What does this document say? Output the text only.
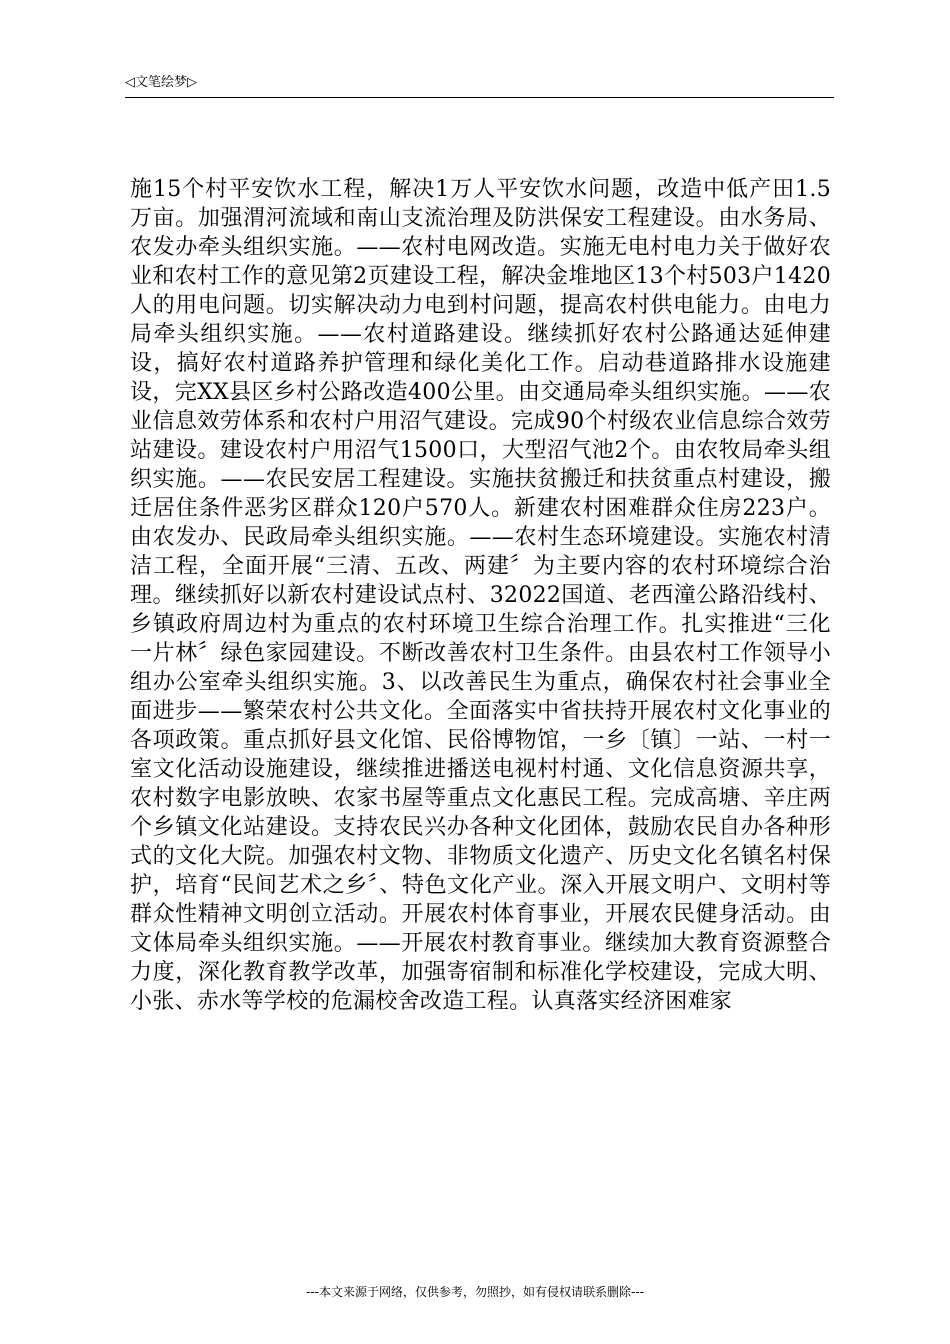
◁文笔绘梦▷
施15个村平安饮水工程，解决1万人平安饮水问题，改造中低产田1.5万亩。加强渭河流域和南山支流治理及防洪保安工程建设。由水务局、农发办牵头组织实施。——农村电网改造。实施无电村电力关于做好农业和农村工作的意见第2页建设工程，解决金堆地区13个村503户1420人的用电问题。切实解决动力电到村问题，提高农村供电能力。由电力局牵头组织实施。——农村道路建设。继续抓好农村公路通达延伸建设，搞好农村道路养护管理和绿化美化工作。启动巷道路排水设施建设，完XX县区乡村公路改造400公里。由交通局牵头组织实施。——农业信息效劳体系和农村户用沼气建设。完成90个村级农业信息综合效劳站建设。建设农村户用沼气1500口，大型沼气池2个。由农牧局牵头组织实施。——农民安居工程建设。实施扶贫搬迁和扶贫重点村建设，搬迁居住条件恶劣区群众120户570人。新建农村困难群众住房223户。由农发办、民政局牵头组织实施。——农村生态环境建设。实施农村清洁工程，全面开展“三清、五改、两建〞为主要内容的农村环境综合治理。继续抓好以新农村建设试点村、32022国道、老西潼公路沿线村、乡镇政府周边村为重点的农村环境卫生综合治理工作。扎实推进“三化一片林〞绿色家园建设。不断改善农村卫生条件。由县农村工作领导小组办公室牵头组织实施。3、以改善民生为重点，确保农村社会事业全面进步——繁荣农村公共文化。全面落实中省扶持开展农村文化事业的各项政策。重点抓好县文化馆、民俗博物馆，一乡〔镇〕一站、一村一室文化活动设施建设，继续推进播送电视村村通、文化信息资源共享，农村数字电影放映、农家书屋等重点文化惠民工程。完成高塘、辛庄两个乡镇文化站建设。支持农民兴办各种文化团体，鼓励农民自办各种形式的文化大院。加强农村文物、非物质文化遗产、历史文化名镇名村保护，培育“民间艺术之乡〞、特色文化产业。深入开展文明户、文明村等群众性精神文明创立活动。开展农村体育事业，开展农民健身活动。由文体局牵头组织实施。——开展农村教育事业。继续加大教育资源整合力度，深化教育教学改革，加强寄宿制和标准化学校建设，完成大明、小张、赤水等学校的危漏校舍改造工程。认真落实经济困难家
---本文来源于网络，仅供参考，勿照抄，如有侵权请联系删除---
